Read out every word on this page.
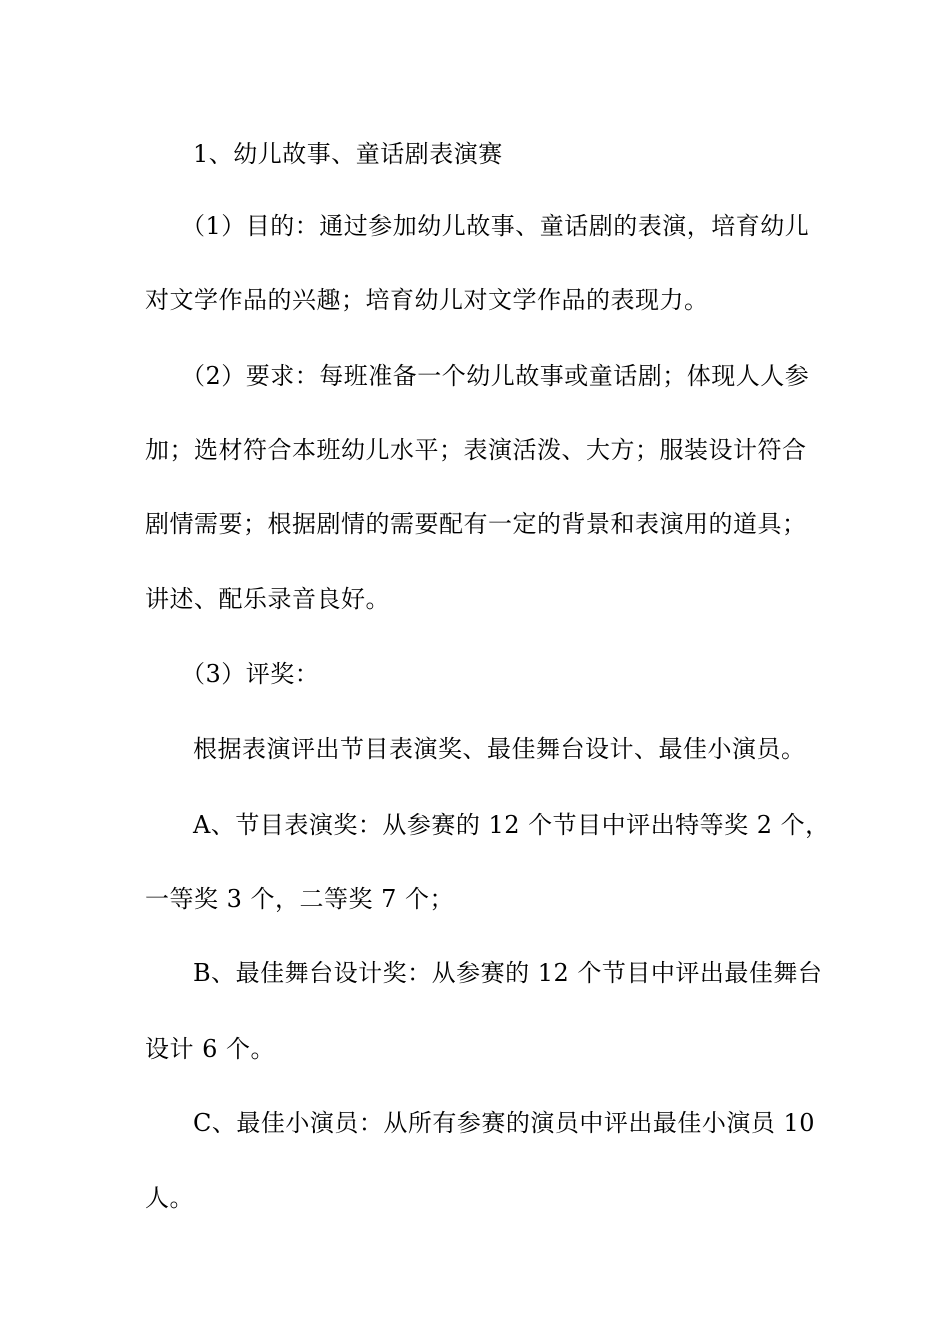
1、幼儿故事、童话剧表演赛
（1）目的：通过参加幼儿故事、童话剧的表演，培育幼儿
对文学作品的兴趣；培育幼儿对文学作品的表现力。
（2）要求：每班准备一个幼儿故事或童话剧；体现人人参
加；选材符合本班幼儿水平；表演活泼、大方；服装设计符合
剧情需要；根据剧情的需要配有一定的背景和表演用的道具；
讲述、配乐录音良好。
（3）评奖：
根据表演评出节目表演奖、最佳舞台设计、最佳小演员。
A、节目表演奖：从参赛的 12 个节目中评出特等奖 2 个，
一等奖 3 个，二等奖 7 个；
B、最佳舞台设计奖：从参赛的 12 个节目中评出最佳舞台
设计 6 个。
C、最佳小演员：从所有参赛的演员中评出最佳小演员 10
人。
